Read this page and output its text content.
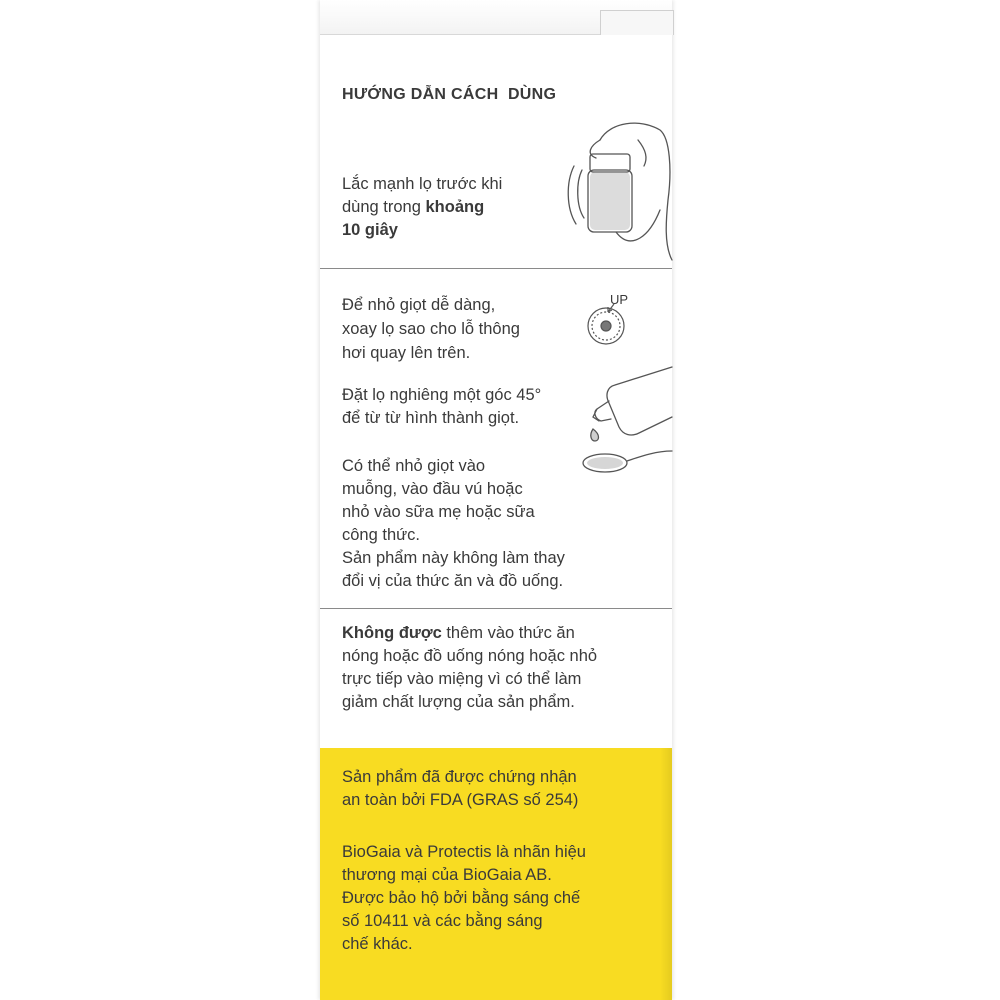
HƯỚNG DẪN CÁCH  DÙNG
Lắc mạnh lọ trước khi
dùng trong khoảng
10 giây
Để nhỏ giọt dễ dàng,
xoay lọ sao cho lỗ thông
hơi quay lên trên.
UP
Đặt lọ nghiêng một góc 45°
để từ từ hình thành giọt.
Có thể nhỏ giọt vào
muỗng, vào đầu vú hoặc
nhỏ vào sữa mẹ hoặc sữa
công thức.
Sản phẩm này không làm thay
đổi vị của thức ăn và đồ uống.
Không được thêm vào thức ăn
nóng hoặc đồ uống nóng hoặc nhỏ
trực tiếp vào miệng vì có thể làm
giảm chất lượng của sản phẩm.
Sản phẩm đã được chứng nhận
an toàn bởi FDA (GRAS số 254)
BioGaia và Protectis là nhãn hiệu
thương mại của BioGaia AB.
Được bảo hộ bởi bằng sáng chế
số 10411 và các bằng sáng
chế khác.
